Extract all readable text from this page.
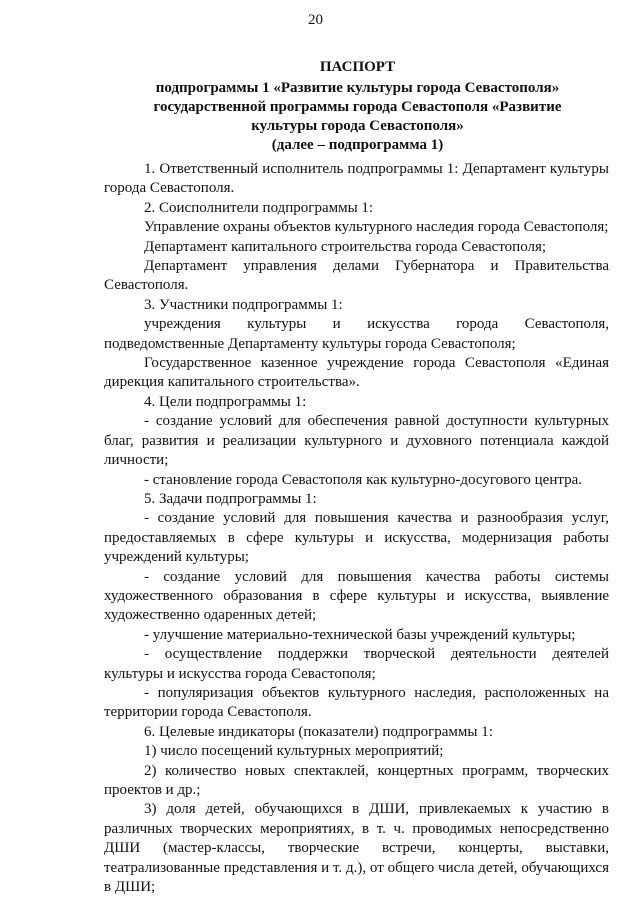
20
ПАСПОРТ
подпрограммы 1 «Развитие культуры города Севастополя»
государственной программы города Севастополя «Развитие
культуры города Севастополя»
(далее – подпрограмма 1)

1. Ответственный исполнитель подпрограммы 1: Департамент культуры города Севастополя.

2. Соисполнители подпрограммы 1:

Управление охраны объектов культурного наследия города Севастополя;

Департамент капитального строительства города Севастополя;

Департамент управления делами Губернатора и Правительства Севастополя.

3. Участники подпрограммы 1:

учреждения культуры и искусства города Севастополя, подведомственные Департаменту культуры города Севастополя;

Государственное казенное учреждение города Севастополя «Единая дирекция капитального строительства».

4. Цели подпрограммы 1:

- создание условий для обеспечения равной доступности культурных благ, развития и реализации культурного и духовного потенциала каждой личности;

- становление города Севастополя как культурно-досугового центра.

5. Задачи подпрограммы 1:

- создание условий для повышения качества и разнообразия услуг, предоставляемых в сфере культуры и искусства, модернизация работы учреждений культуры;

- создание условий для повышения качества работы системы художественного образования в сфере культуры и искусства, выявление художественно одаренных детей;

- улучшение материально-технической базы учреждений культуры;

- осуществление поддержки творческой деятельности деятелей культуры и искусства города Севастополя;

- популяризация объектов культурного наследия, расположенных на территории города Севастополя.

6. Целевые индикаторы (показатели) подпрограммы 1:

1) число посещений культурных мероприятий;

2) количество новых спектаклей, концертных программ, творческих проектов и др.;

3) доля детей, обучающихся в ДШИ, привлекаемых к участию в различных творческих мероприятиях, в т. ч. проводимых непосредственно ДШИ (мастер-классы, творческие встречи, концерты, выставки, театрализованные представления и т. д.), от общего числа детей, обучающихся в ДШИ;
